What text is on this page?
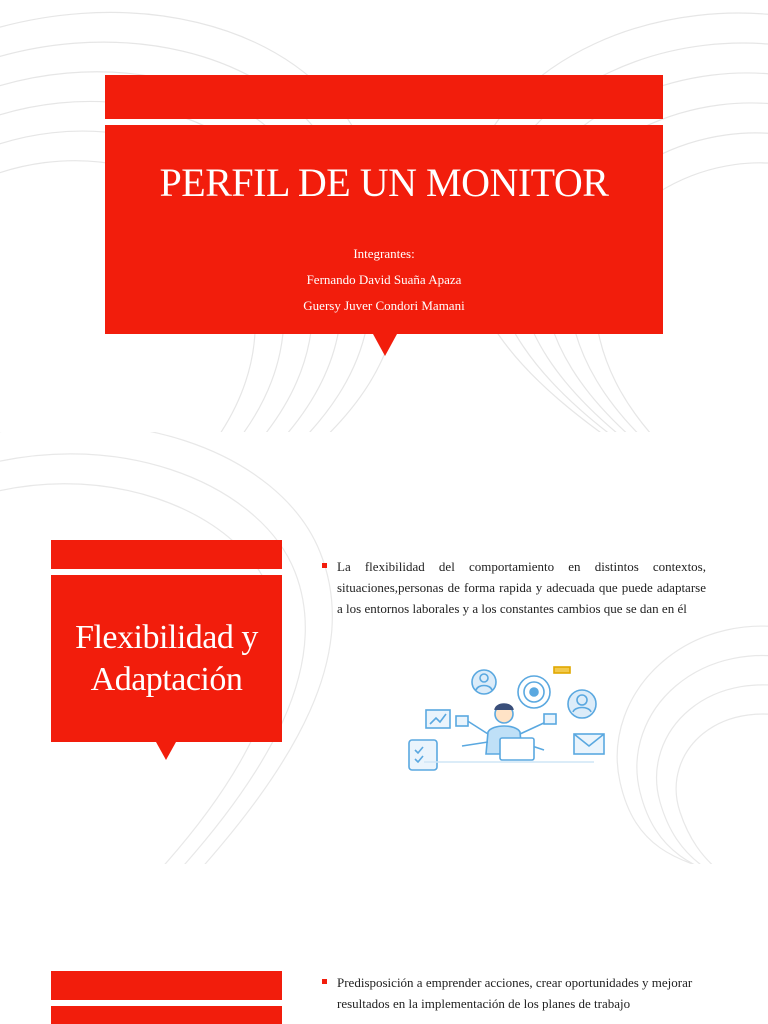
PERFIL DE UN MONITOR
Integrantes:
Fernando David Suaña Apaza
Guersy Juver Condori Mamani
Flexibilidad y Adaptación
La flexibilidad del comportamiento en distintos contextos, situaciones,personas de forma rapida y adecuada que puede adaptarse a los entornos laborales y a los constantes cambios que se dan en él
Predisposición a emprender acciones, crear oportunidades y mejorar resultados en la implementación de los planes de trabajo
